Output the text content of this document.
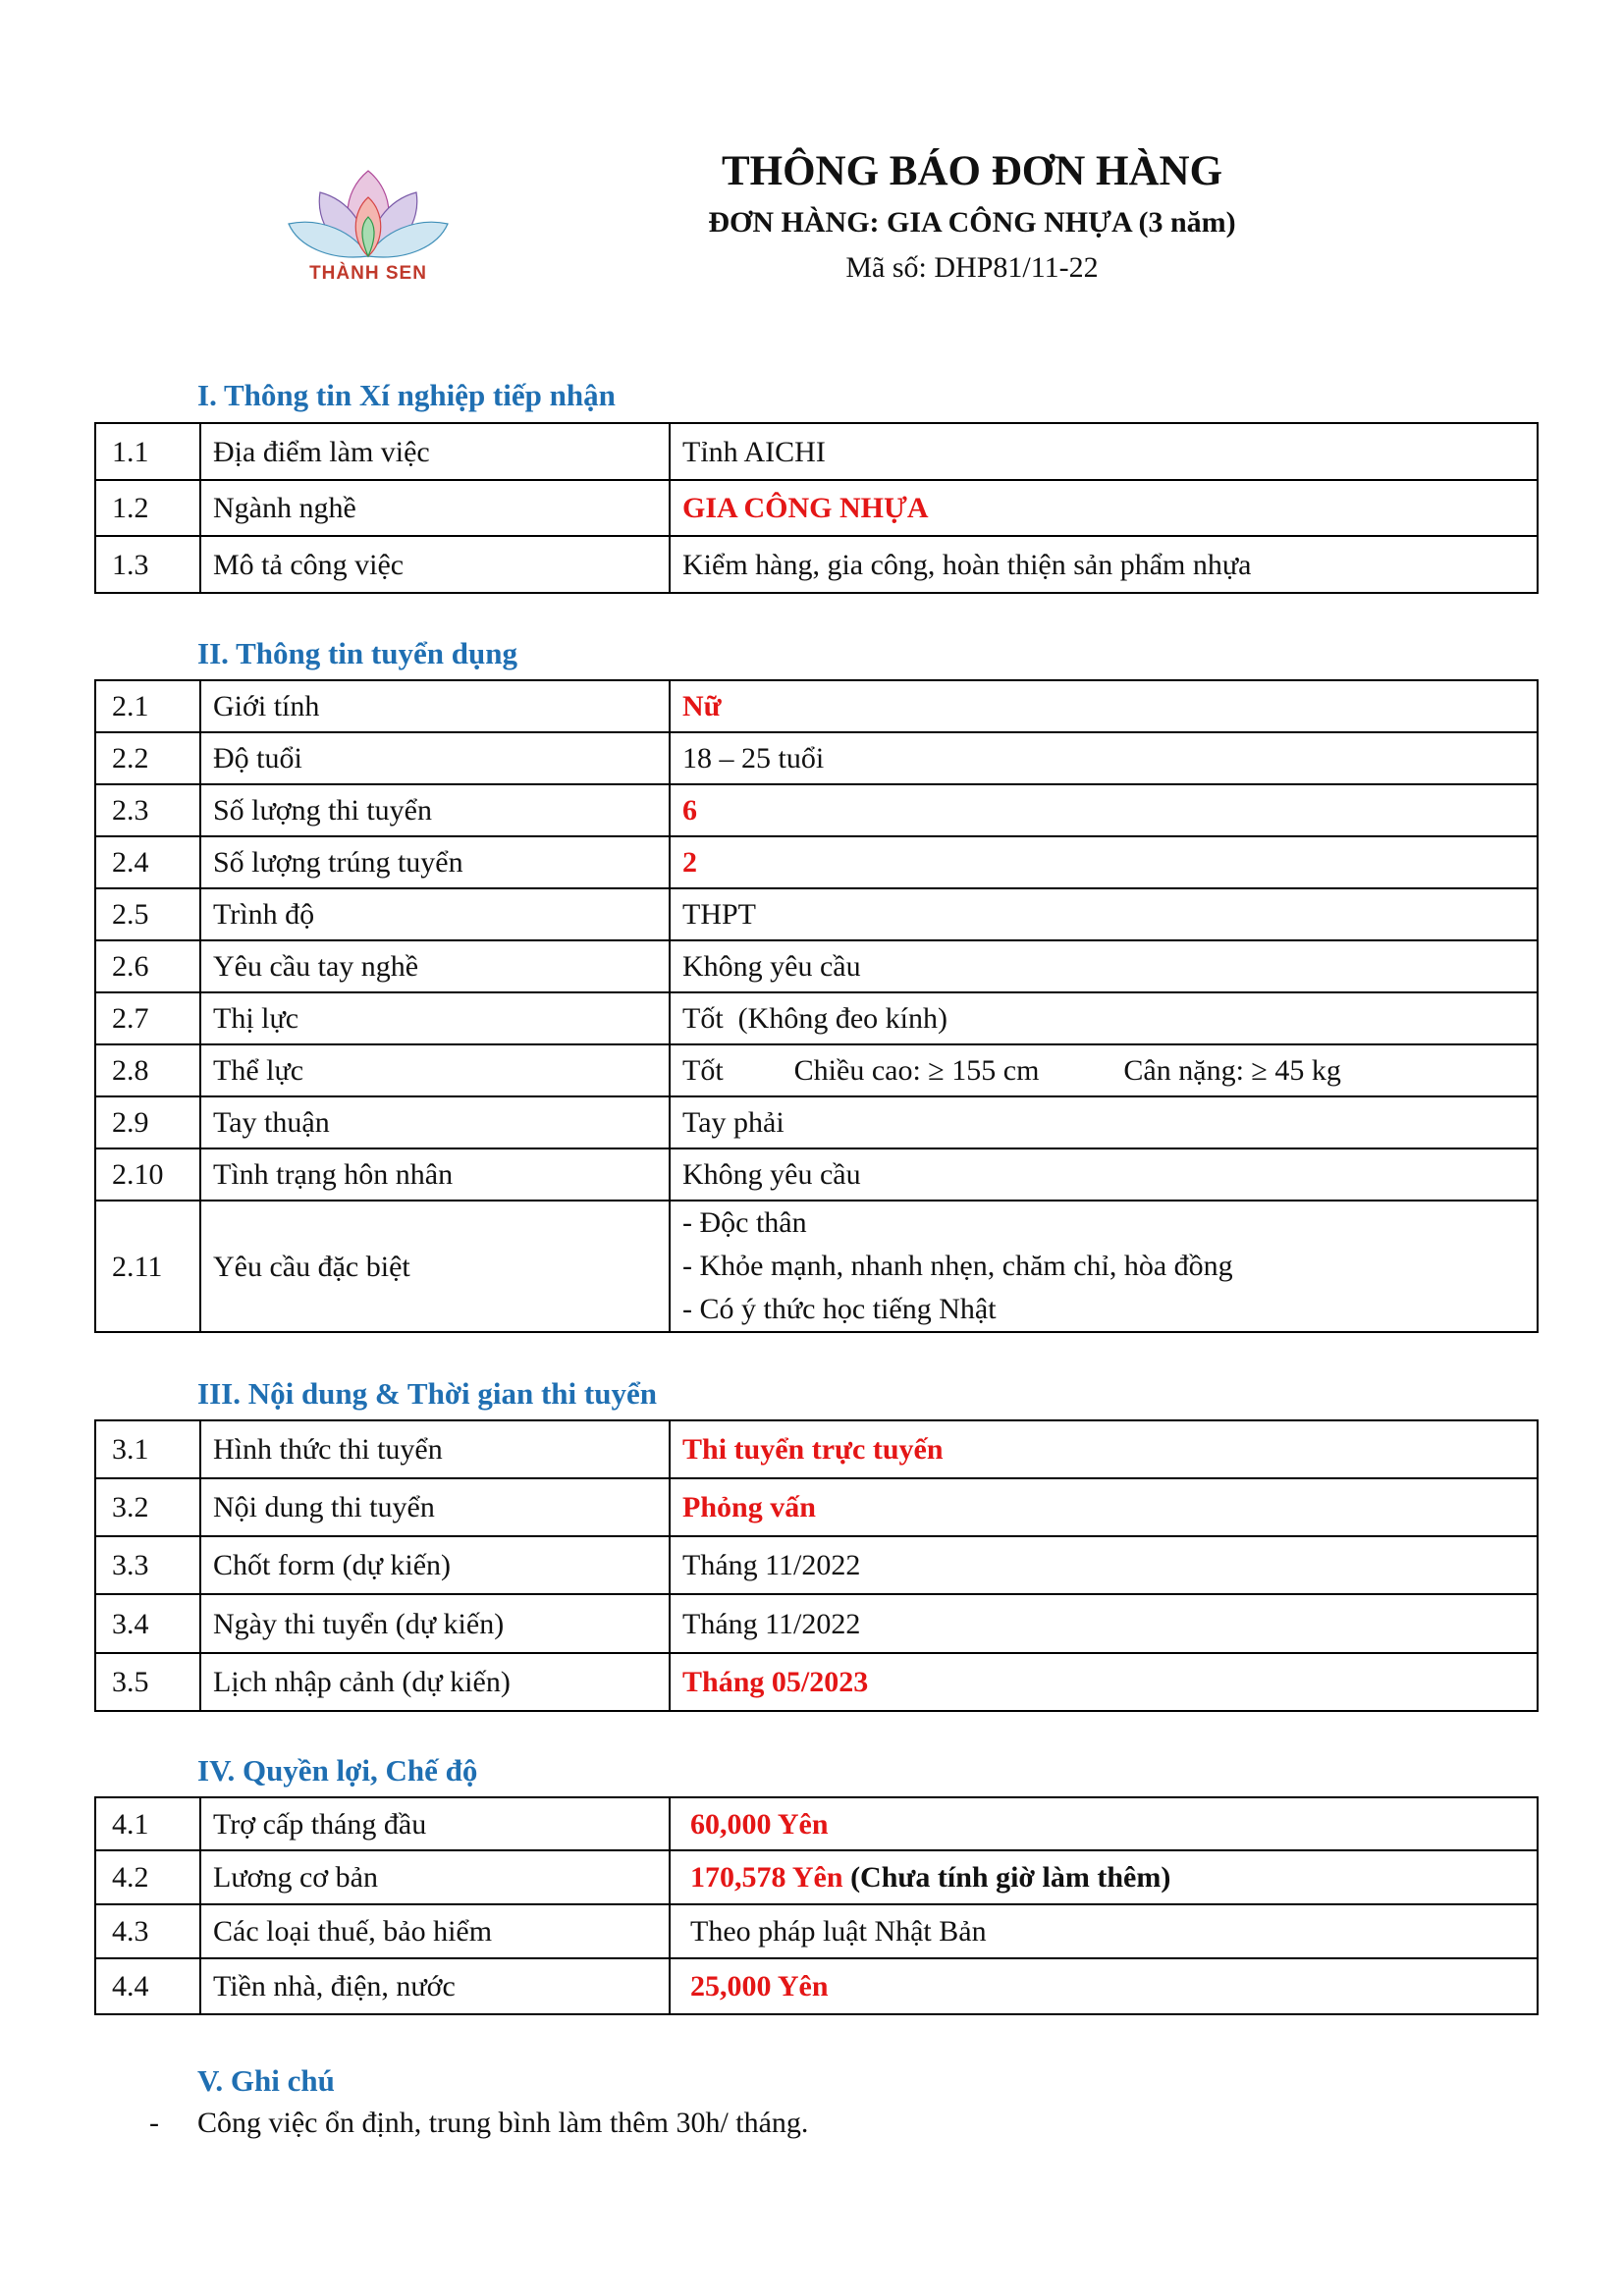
THÀNH SEN
THÔNG BÁO ĐƠN HÀNG
ĐƠN HÀNG: GIA CÔNG NHỰA (3 năm)
Mã số: DHP81/11-22
I. Thông tin Xí nghiệp tiếp nhận
1.1	Địa điểm làm việc	Tỉnh AICHI
1.2	Ngành nghề	GIA CÔNG NHỰA
1.3	Mô tả công việc	Kiểm hàng, gia công, hoàn thiện sản phẩm nhựa
II. Thông tin tuyển dụng
2.1	Giới tính	Nữ
2.2	Độ tuổi	18 – 25 tuổi
2.3	Số lượng thi tuyển	6
2.4	Số lượng trúng tuyển	2
2.5	Trình độ	THPT
2.6	Yêu cầu tay nghề	Không yêu cầu
2.7	Thị lực	Tốt  (Không đeo kính)
2.8	Thể lực	Tốt Chiều cao: ≥ 155 cm Cân nặng: ≥ 45 kg
2.9	Tay thuận	Tay phải
2.10	Tình trạng hôn nhân	Không yêu cầu
2.11	Yêu cầu đặc biệt	- Độc thân
- Khỏe mạnh, nhanh nhẹn, chăm chỉ, hòa đồng
- Có ý thức học tiếng Nhật
III. Nội dung & Thời gian thi tuyển
3.1	Hình thức thi tuyển	Thi tuyển trực tuyến
3.2	Nội dung thi tuyển	Phỏng vấn
3.3	Chốt form (dự kiến)	Tháng 11/2022
3.4	Ngày thi tuyển (dự kiến)	Tháng 11/2022
3.5	Lịch nhập cảnh (dự kiến)	Tháng 05/2023
IV. Quyền lợi, Chế độ
4.1	Trợ cấp tháng đầu	60,000 Yên
4.2	Lương cơ bản	170,578 Yên (Chưa tính giờ làm thêm)
4.3	Các loại thuế, bảo hiểm	Theo pháp luật Nhật Bản
4.4	Tiền nhà, điện, nước	25,000 Yên
V. Ghi chú
- Công việc ổn định, trung bình làm thêm 30h/ tháng.
